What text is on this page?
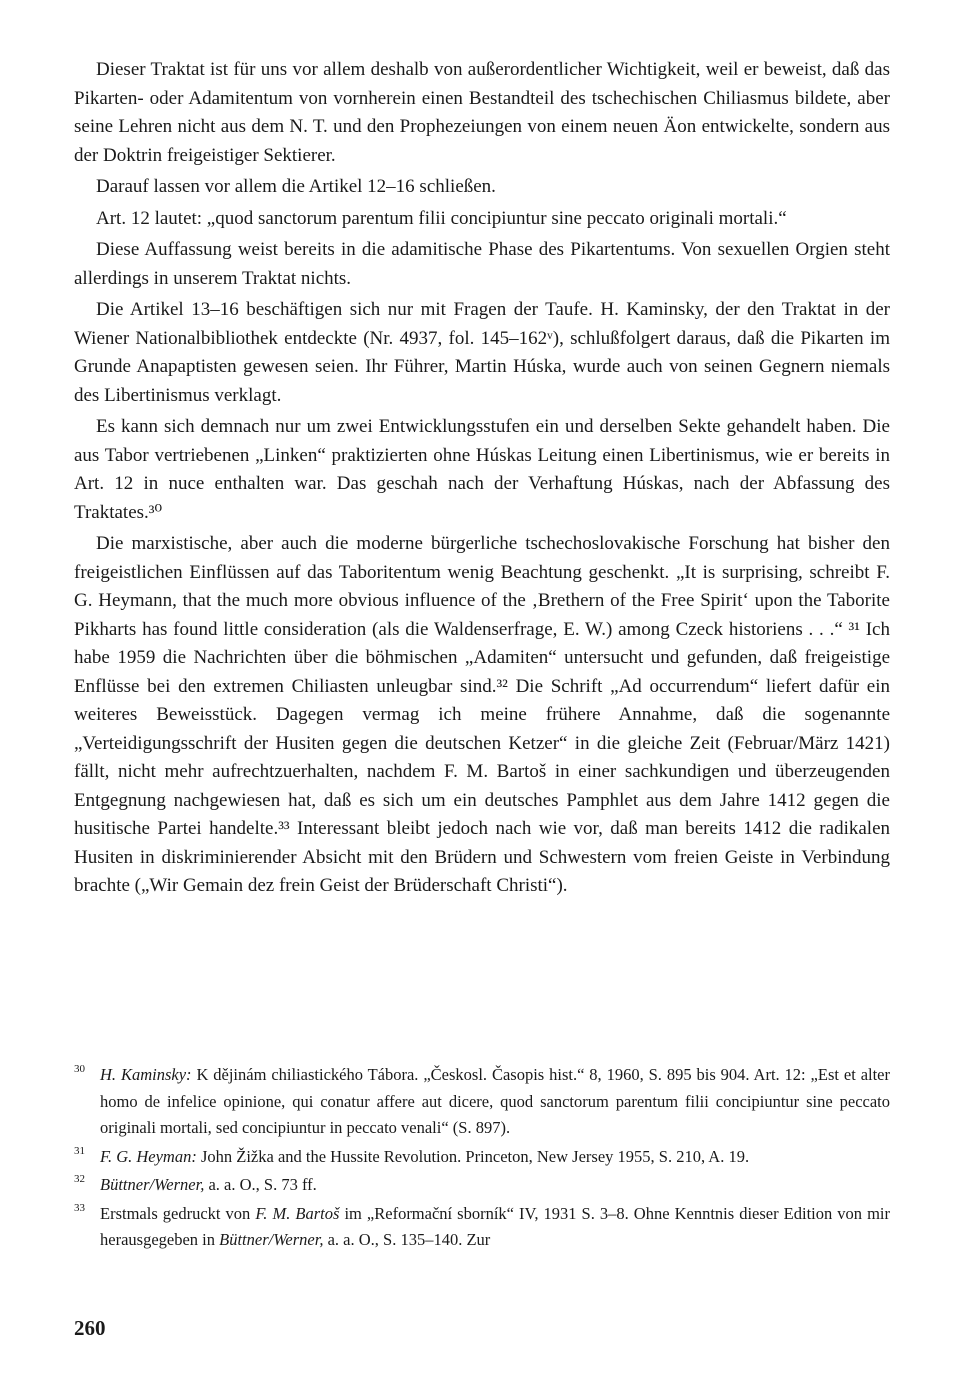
Dieser Traktat ist für uns vor allem deshalb von außerordentlicher Wichtigkeit, weil er beweist, daß das Pikarten- oder Adamitentum von vornherein einen Bestandteil des tschechischen Chiliasmus bildete, aber seine Lehren nicht aus dem N. T. und den Prophezeiungen von einem neuen Äon entwickelte, sondern aus der Doktrin freigeistiger Sektierer.

Darauf lassen vor allem die Artikel 12–16 schließen.

Art. 12 lautet: „quod sanctorum parentum filii concipiuntur sine peccato originali mortali.“

Diese Auffassung weist bereits in die adamitische Phase des Pikartentums. Von sexuellen Orgien steht allerdings in unserem Traktat nichts.

Die Artikel 13–16 beschäftigen sich nur mit Fragen der Taufe. H. Kaminsky, der den Traktat in der Wiener Nationalbibliothek entdeckte (Nr. 4937, fol. 145–162ᵛ), schlußfolgert daraus, daß die Pikarten im Grunde Anapaptisten gewesen seien. Ihr Führer, Martin Húska, wurde auch von seinen Gegnern niemals des Libertinismus verklagt.

Es kann sich demnach nur um zwei Entwicklungsstufen ein und derselben Sekte gehandelt haben. Die aus Tabor vertriebenen „Linken“ praktizierten ohne Húskas Leitung einen Libertinismus, wie er bereits in Art. 12 in nuce enthalten war. Das geschah nach der Verhaftung Húskas, nach der Abfassung des Traktates.³⁰

Die marxistische, aber auch die moderne bürgerliche tschechoslovakische Forschung hat bisher den freigeistlichen Einflüssen auf das Taboritentum wenig Beachtung geschenkt. „It is surprising, schreibt F. G. Heymann, that the much more obvious influence of the ‚Brethern of the Free Spirit‘ upon the Taborite Pikharts has found little consideration (als die Waldenserfrage, E. W.) among Czeck historiens . . .“ ³¹ Ich habe 1959 die Nachrichten über die böhmischen „Adamiten“ untersucht und gefunden, daß freigeistige Enflüsse bei den extremen Chiliasten unleugbar sind.³² Die Schrift „Ad occurrendum“ liefert dafür ein weiteres Beweisstück. Dagegen vermag ich meine frühere Annahme, daß die sogenannte „Verteidigungsschrift der Husiten gegen die deutschen Ketzer“ in die gleiche Zeit (Februar/März 1421) fällt, nicht mehr aufrechtzuerhalten, nachdem F. M. Bartoš in einer sachkundigen und überzeugenden Entgegnung nachgewiesen hat, daß es sich um ein deutsches Pamphlet aus dem Jahre 1412 gegen die husitische Partei handelte.³³ Interessant bleibt jedoch nach wie vor, daß man bereits 1412 die radikalen Husiten in diskriminierender Absicht mit den Brüdern und Schwestern vom freien Geiste in Verbindung brachte („Wir Gemain dez frein Geist der Brüderschaft Christi“).

30 H. Kaminsky: K dějinám chiliastického Tábora. „Českosl. Časopis hist.“ 8, 1960, S. 895 bis 904. Art. 12: „Est et alter homo de infelice opinione, qui conatur affere aut dicere, quod sanctorum parentum filii concipiuntur sine peccato originali mortali, sed concipiuntur in peccato venali“ (S. 897).
31 F. G. Heyman: John Žižka and the Hussite Revolution. Princeton, New Jersey 1955, S. 210, A. 19.
32 Büttner/Werner, a. a. O., S. 73 ff.
33 Erstmals gedruckt von F. M. Bartoš im „Reformační sborník“ IV, 1931 S. 3–8. Ohne Kenntnis dieser Edition von mir herausgegeben in Büttner/Werner, a. a. O., S. 135–140. Zur
260
